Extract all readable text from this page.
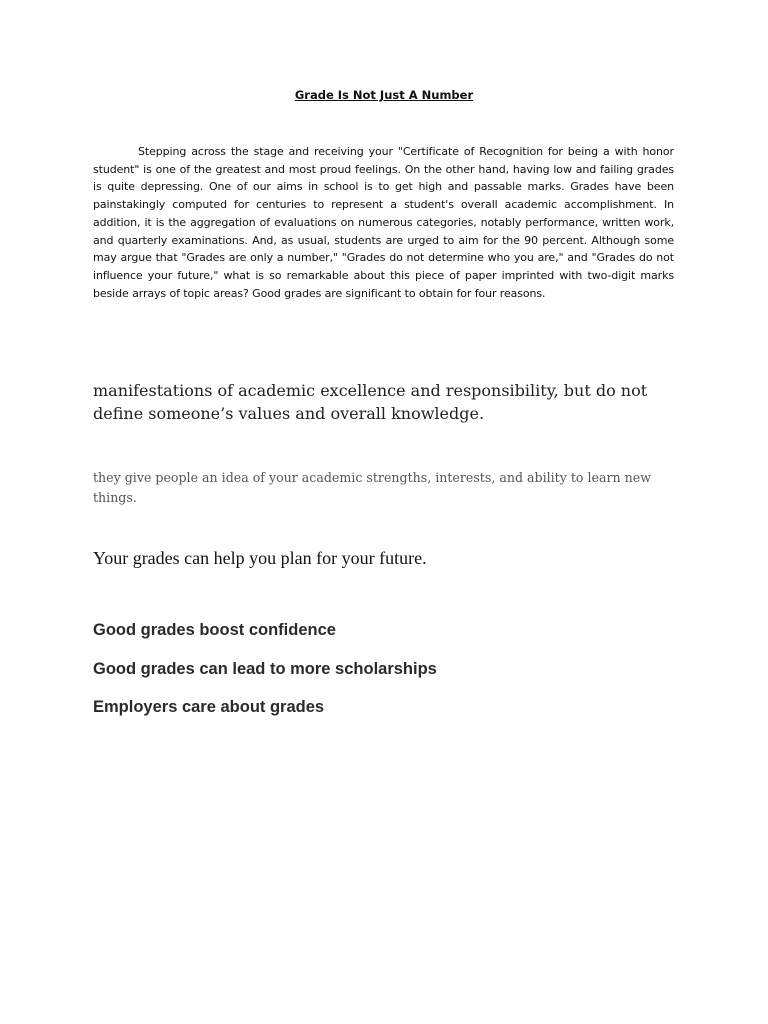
Grade Is Not Just A Number

Stepping across the stage and receiving your "Certificate of Recognition for being a with honor student" is one of the greatest and most proud feelings. On the other hand, having low and failing grades is quite depressing. One of our aims in school is to get high and passable marks. Grades have been painstakingly computed for centuries to represent a student's overall academic accomplishment. In addition, it is the aggregation of evaluations on numerous categories, notably performance, written work, and quarterly examinations. And, as usual, students are urged to aim for the 90 percent. Although some may argue that "Grades are only a number," "Grades do not determine who you are," and "Grades do not influence your future," what is so remarkable about this piece of paper imprinted with two-digit marks beside arrays of topic areas? Good grades are significant to obtain for four reasons.

manifestations of academic excellence and responsibility, but do not define someone’s values and overall knowledge.

they give people an idea of your academic strengths, interests, and ability to learn new things.

Your grades can help you plan for your future.

Good grades boost confidence
Good grades can lead to more scholarships
Employers care about grades
